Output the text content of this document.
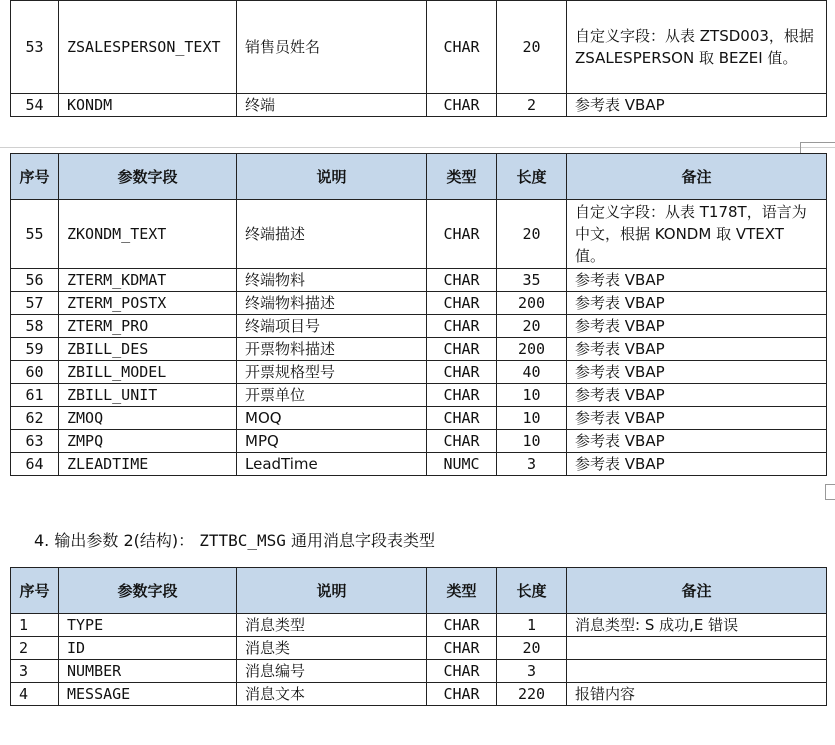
53	ZSALESPERSON_TEXT	销售员姓名	CHAR	20	自定义字段：从表 ZTSD003，根据 ZSALESPERSON 取 BEZEI 值。
54	KONDM	终端	CHAR	2	参考表 VBAP
序号	参数字段	说明	类型	长度	备注
55	ZKONDM_TEXT	终端描述	CHAR	20	自定义字段：从表 T178T，语言为中文，根据 KONDM 取 VTEXT 值。
56	ZTERM_KDMAT	终端物料	CHAR	35	参考表 VBAP
57	ZTERM_POSTX	终端物料描述	CHAR	200	参考表 VBAP
58	ZTERM_PRO	终端项目号	CHAR	20	参考表 VBAP
59	ZBILL_DES	开票物料描述	CHAR	200	参考表 VBAP
60	ZBILL_MODEL	开票规格型号	CHAR	40	参考表 VBAP
61	ZBILL_UNIT	开票单位	CHAR	10	参考表 VBAP
62	ZMOQ	MOQ	CHAR	10	参考表 VBAP
63	ZMPQ	MPQ	CHAR	10	参考表 VBAP
64	ZLEADTIME	LeadTime	NUMC	3	参考表 VBAP
4. 输出参数 2(结构)： ZTTBC_MSG 通用消息字段表类型
序号	参数字段	说明	类型	长度	备注
1	TYPE	消息类型	CHAR	1	消息类型: S 成功,E 错误
2	ID	消息类	CHAR	20	
3	NUMBER	消息编号	CHAR	3	
4	MESSAGE	消息文本	CHAR	220	报错内容
